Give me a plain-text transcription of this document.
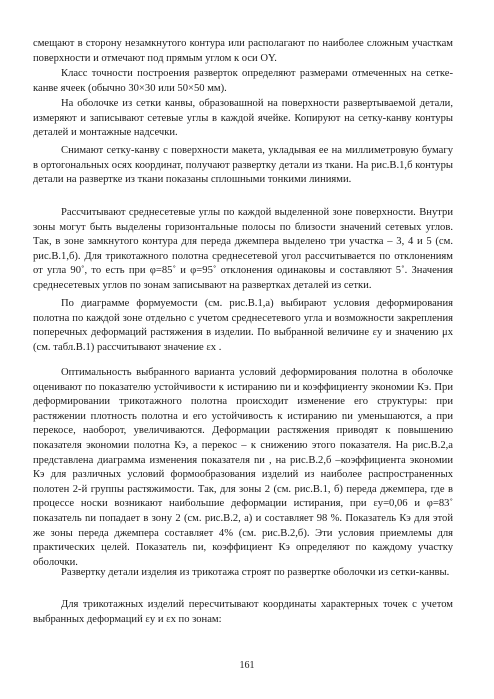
смещают в сторону незамкнутого контура или располагают по наиболее сложным участкам поверхности и отмечают под прямым углом к оси OY.

Класс точности построения разверток определяют размерами отмеченных на сетке-канве ячеек (обычно 30×30 или 50×50 мм).

На оболочке из сетки канвы, образовашной на поверхности развертываемой детали, измеряют и записывают сетевые углы в каждой ячейке. Копируют на сетку-канву контуры деталей и монтажные надсечки.

Снимают сетку-канву с поверхности макета, укладывая ее на миллиметровую бумагу в ортогональных осях координат, получают развертку детали из ткани. На рис.В.1,б контуры детали на развертке из ткани показаны сплошными тонкими линиями.

Рассчитывают среднесетевые углы по каждой выделенной зоне поверхности. Внутри зоны могут быть выделены горизонтальные полосы по близости значений сетевых углов. Так, в зоне замкнутого контура для переда джемпера выделено три участка – 3, 4 и 5 (см. рис.В.1,б). Для трикотажного полотна среднесетевой угол рассчитывается по отклонениям от угла 90˚, то есть при φ=85˚ и φ=95˚ отклонения одинаковы и составляют 5˚. Значения среднесетевых углов по зонам записывают на развертках деталей из сетки.

По диаграмме формуемости (см. рис.В.1,а) выбирают условия деформирования полотна по каждой зоне отдельно с учетом среднесетевого угла и возможности закрепления поперечных деформаций растяжения в изделии. По выбранной величине εу и значению μх (см. табл.В.1) рассчитывают значение εх .

Оптимальность выбранного варианта условий деформирования полотна в оболочке оценивают по показателю устойчивости к истиранию nи и коэффициенту экономии Кэ. При деформировании трикотажного полотна происходит изменение его структуры: при растяжении плотность полотна и его устойчивость к истиранию nи уменьшаются, а при перекосе, наоборот, увеличиваются. Деформации растяжения приводят к повышению показателя экономии полотна Кэ, а перекос – к снижению этого показателя. На рис.В.2,а представлена диаграмма изменения показателя nи , на рис.В.2,б –коэффициента экономии Кэ для различных условий формообразования изделий из наиболее распространенных полотен 2-й группы растяжимости. Так, для зоны 2 (см. рис.В.1, б) переда джемпера, где в процессе носки возникают наибольшие деформации истирания, при εу=0,06 и φ=83˚ показатель nи попадает в зону 2 (см. рис.В.2, а) и составляет 98 %. Показатель Кэ для этой же зоны переда джемпера составляет 4% (см. рис.В.2,б). Эти условия приемлемы для практических целей. Показатель nи, коэффициент Кэ определяют по каждому участку оболочки.

Развертку детали изделия из трикотажа строят по развертке оболочки из сетки-канвы.

Для трикотажных изделий пересчитывают координаты характерных точек с учетом выбранных деформаций εу и εх по зонам:

161
